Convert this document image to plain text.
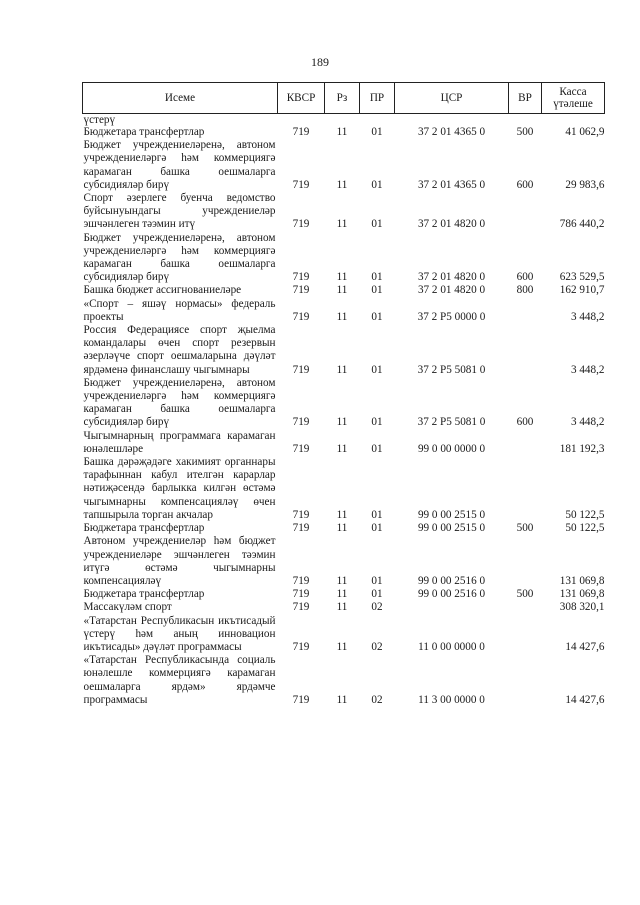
189
Исеме	КВСР	Рз	ПР	ЦСР	ВР	Касса үтәлеше
үстерү						
Бюджетара трансфертлар	719	11	01	37 2 01 4365 0	500	41 062,9
Бюджет учреждениеләренә, автоном учреждениеләргә һәм коммерциягә карамаган башка оешмаларга субсидияләр бирү	719	11	01	37 2 01 4365 0	600	29 983,6
Спорт әзерлеге буенча ведомство буйсынуындагы учреждениеләр эшчәнлеген тәэмин итү	719	11	01	37 2 01 4820 0		786 440,2
Бюджет учреждениеләренә, автоном учреждениеләргә һәм коммерциягә карамаган башка оешмаларга субсидияләр бирү	719	11	01	37 2 01 4820 0	600	623 529,5
Башка бюджет ассигнованиеләре	719	11	01	37 2 01 4820 0	800	162 910,7
«Спорт – яшәү нормасы» федераль проекты	719	11	01	37 2 P5 0000 0		3 448,2
Россия Федерациясе спорт җыелма командалары өчен спорт резервын әзерләүче спорт оешмаларына дәүләт ярдәменә финанслашу чыгымнары	719	11	01	37 2 P5 5081 0		3 448,2
Бюджет учреждениеләренә, автоном учреждениеләргә һәм коммерциягә карамаган башка оешмаларга субсидияләр бирү	719	11	01	37 2 P5 5081 0	600	3 448,2
Чыгымнарның программага карамаган юнәлешләре	719	11	01	99 0 00 0000 0		181 192,3
Башка дәрәҗәдәге хакимият органнары тарафыннан кабул ителгән карарлар нәтиҗәсендә барлыкка килгән өстәмә чыгымнарны компенсацияләү өчен тапшырыла торган акчалар	719	11	01	99 0 00 2515 0		50 122,5
Бюджетара трансфертлар	719	11	01	99 0 00 2515 0	500	50 122,5
Автоном учреждениеләр һәм бюджет учреждениеләре эшчәнлеген тәэмин итүгә өстәмә чыгымнарны компенсацияләү	719	11	01	99 0 00 2516 0		131 069,8
Бюджетара трансфертлар	719	11	01	99 0 00 2516 0	500	131 069,8
Массакүләм спорт	719	11	02			308 320,1
«Татарстан Республикасын икътисадый үстерү һәм аның инновацион икътисады» дәүләт программасы	719	11	02	11 0 00 0000 0		14 427,6
«Татарстан Республикасында социаль юнәлешле коммерциягә карамаган оешмаларга ярдәм» ярдәмче программасы	719	11	02	11 3 00 0000 0		14 427,6
